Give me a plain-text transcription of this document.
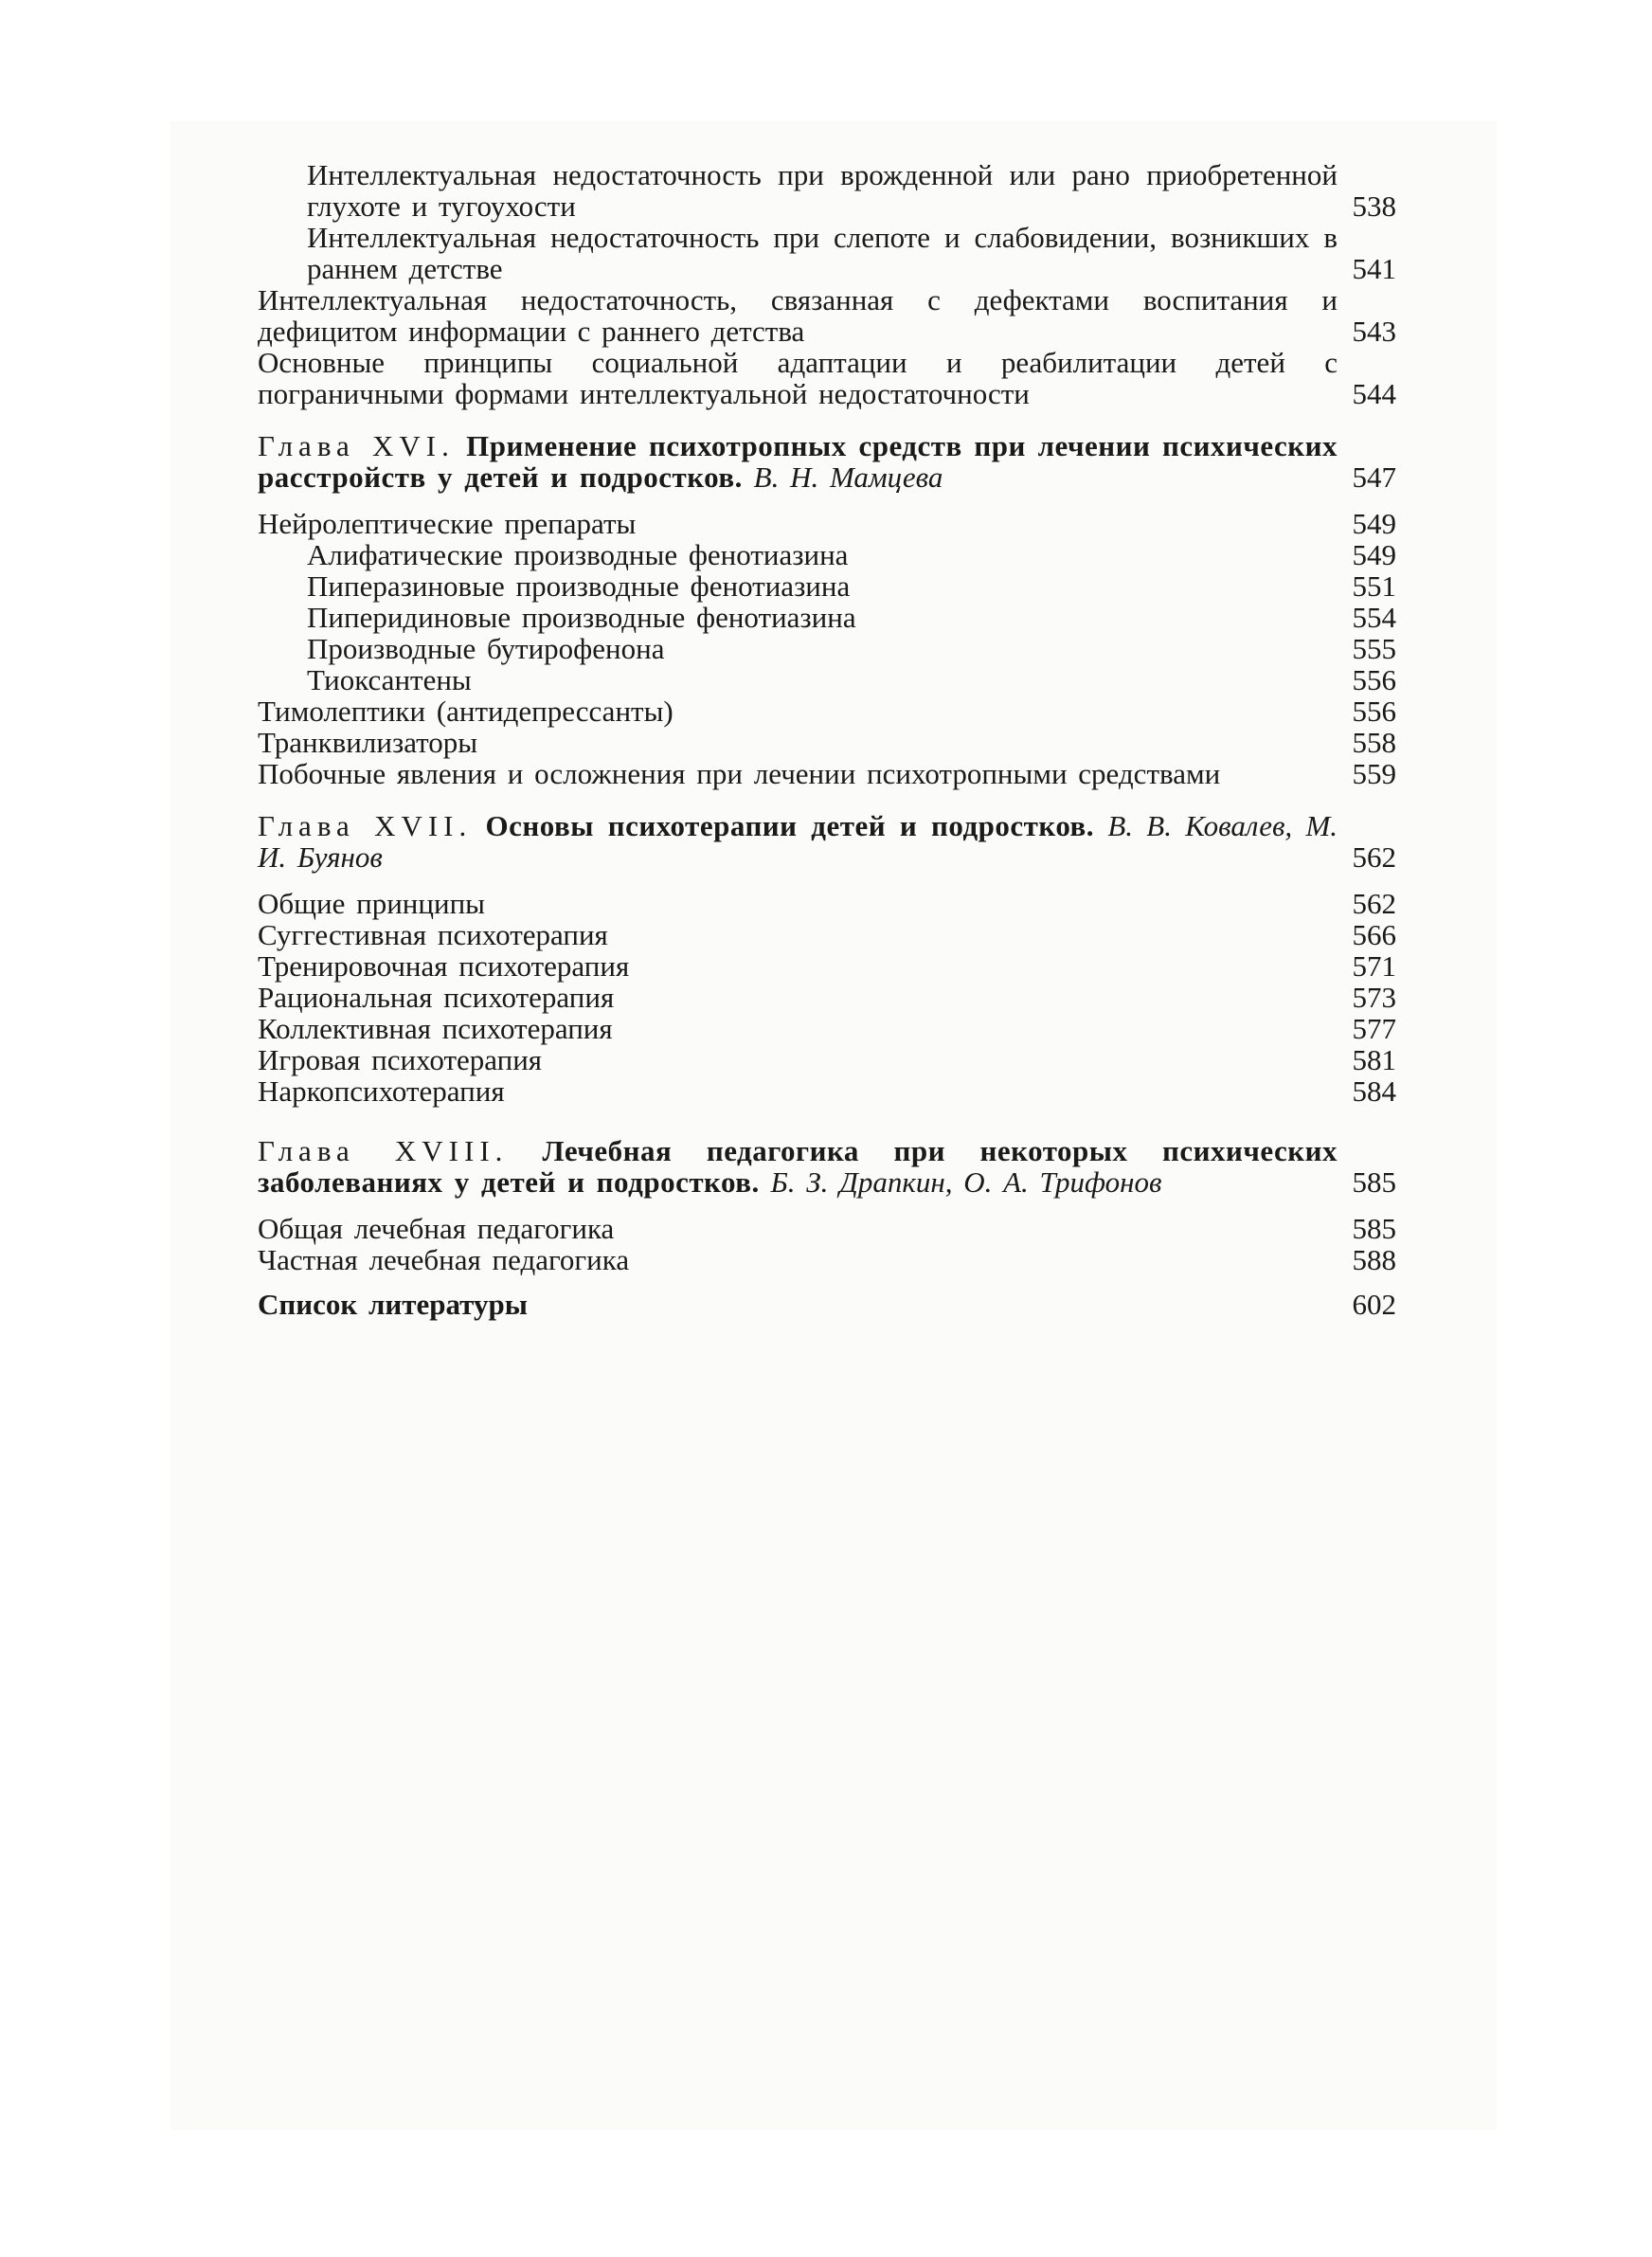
Интеллектуальная недостаточность при врожденной или рано приобретенной глухоте и тугоухости	538
Интеллектуальная недостаточность при слепоте и слабовидении, возникших в раннем детстве	541
Интеллектуальная недостаточность, связанная с дефектами воспитания и дефицитом информации с раннего детства	543
Основные принципы социальной адаптации и реабилитации детей с пограничными формами интеллектуальной недостаточности	544
Глава XVI. Применение психотропных средств при лечении психических расстройств у детей и подростков. В. Н. Мамцева	547
Нейролептические препараты	549
Алифатические производные фенотиазина	549
Пиперазиновые производные фенотиазина	551
Пиперидиновые производные фенотиазина	554
Производные бутирофенона	555
Тиоксантены	556
Тимолептики (антидепрессанты)	556
Транквилизаторы	558
Побочные явления и осложнения при лечении психотропными средствами	559
Глава XVII. Основы психотерапии детей и подростков. В. В. Ковалев, М. И. Буянов	562
Общие принципы	562
Суггестивная психотерапия	566
Тренировочная психотерапия	571
Рациональная психотерапия	573
Коллективная психотерапия	577
Игровая психотерапия	581
Наркопсихотерапия	584
Глава XVIII. Лечебная педагогика при некоторых психических заболеваниях у детей и подростков. Б. З. Драпкин, О. А. Трифонов	585
Общая лечебная педагогика	585
Частная лечебная педагогика	588
Список литературы	602
